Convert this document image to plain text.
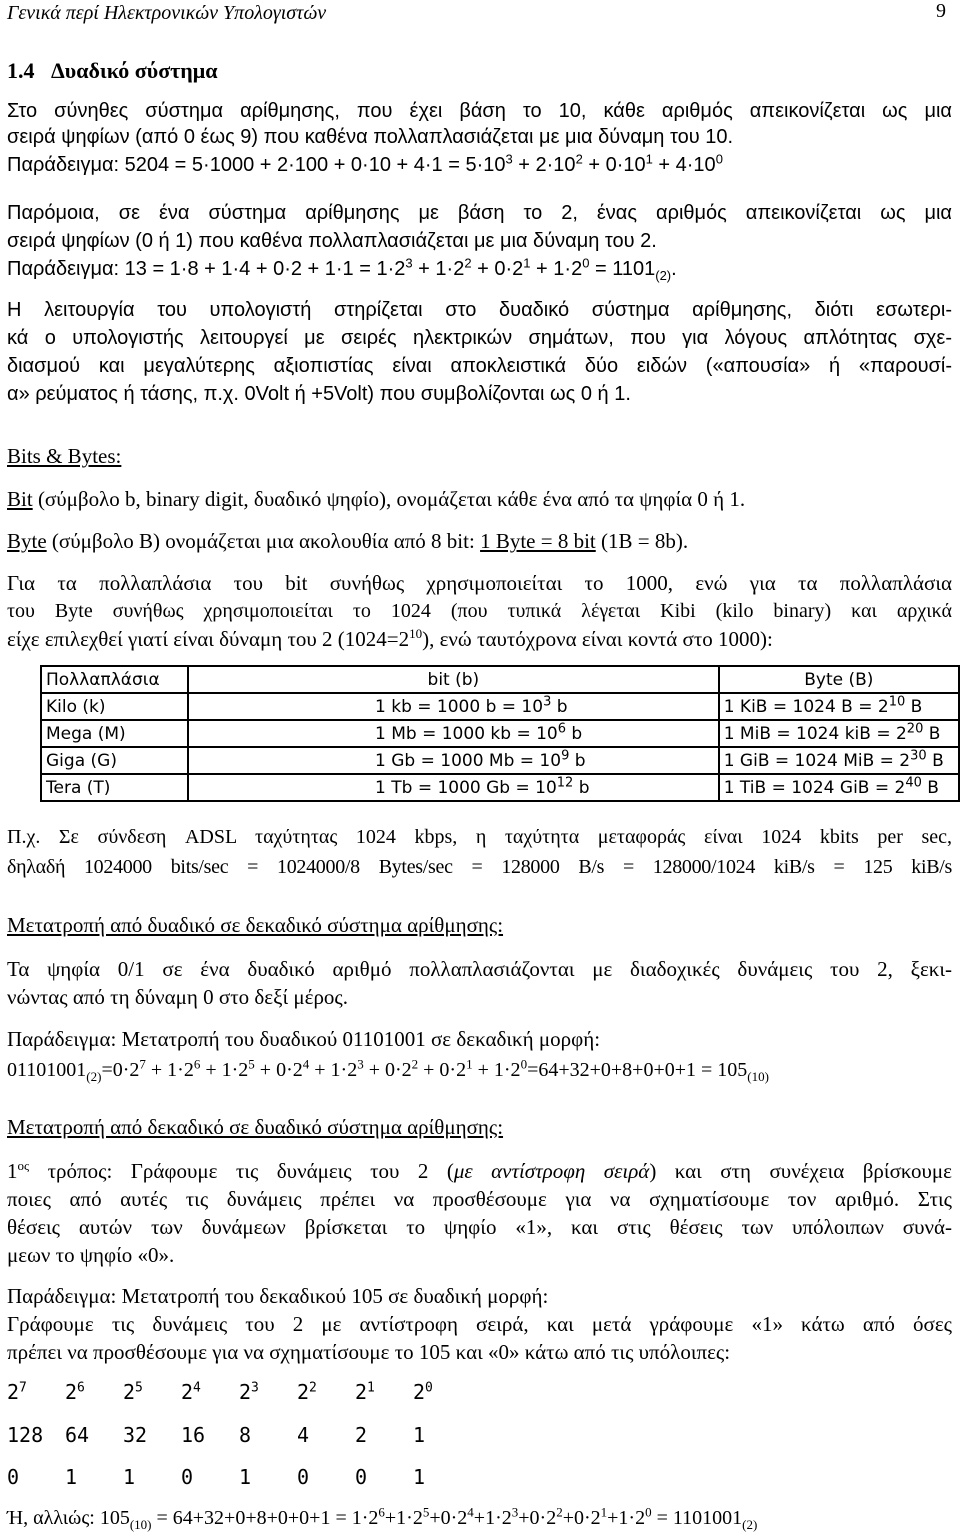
Γενικά περί Ηλεκτρονικών Υπολογιστών	9
1.4 Δυαδικό σύστημα
Στο σύνηθες σύστημα αρίθμησης, που έχει βάση το 10, κάθε αριθμός απεικονίζεται ως μια
σειρά ψηφίων (από 0 έως 9) που καθένα πολλαπλασιάζεται με μια δύναμη του 10.
Παράδειγμα: $5204 = 5\cdot 1000 + 2\cdot 100 + 0\cdot 10 + 4\cdot 1 = 5\cdot 10^3 + 2\cdot 10^2 + 0\cdot 10^1 + 4\cdot 10^0$
Παρόμοια, σε ένα σύστημα αρίθμησης με βάση το 2, ένας αριθμός απεικονίζεται ως μια
σειρά ψηφίων (0 ή 1) που καθένα πολλαπλασιάζεται με μια δύναμη του 2.
Παράδειγμα: $13 = 1\cdot 8 + 1\cdot 4 + 0\cdot 2 + 1\cdot 1 = 1\cdot 2^3 + 1\cdot 2^2 + 0\cdot 2^1 + 1\cdot 2^0 = 1101_{(2)}$.
Η λειτουργία του υπολογιστή στηρίζεται στο δυαδικό σύστημα αρίθμησης, διότι εσωτερι-
κά ο υπολογιστής λειτουργεί με σειρές ηλεκτρικών σημάτων, που για λόγους απλότητας σχε-
διασμού και μεγαλύτερης αξιοπιστίας είναι αποκλειστικά δύο ειδών («απουσία» ή «παρουσί-
α» ρεύματος ή τάσης, π.χ. 0Volt ή +5Volt) που συμβολίζονται ως 0 ή 1.
Bits & Bytes:
Bit (σύμβολο b, binary digit, δυαδικό ψηφίο), ονομάζεται κάθε ένα από τα ψηφία 0 ή 1.
Byte (σύμβολο B) ονομάζεται μια ακολουθία από 8 bit: 1 Byte = 8 bit (1B = 8b).
Για τα πολλαπλάσια του bit συνήθως χρησιμοποιείται το 1000, ενώ για τα πολλαπλάσια
του Byte συνήθως χρησιμοποιείται το 1024 (που τυπικά λέγεται Kibi (kilo binary) και αρχικά
είχε επιλεχθεί γιατί είναι δύναμη του 2 $(1024=2^{10})$, ενώ ταυτόχρονα είναι κοντά στο 1000):
Πολλαπλάσια	bit (b)	Byte (B)
Kilo (k)	1 kb = 1000 $b = 10^3$ b	1 KiB = 1024 $B = 2^{10}$ B
Mega (M)	1 Mb = 1000 kb = $10^6$ b	1 MiB = 1024 kiB = $2^{20}$ B
Giga (G)	1 Gb = 1000 $Mb = 10^9$ b	1 GiB = 1024 MiB = $2^{30}$ B
Tera (T)	1 Tb = 1000 $Gb = 10^{12}$ b	1 TiB = 1024 GiB = $2^{40}$ B
Π.χ. Σε σύνδεση ADSL ταχύτητας 1024 kbps, η ταχύτητα μεταφοράς είναι 1024 kbits per sec,
δηλαδή 1024000 bits/sec = 1024000/8 Bytes/sec = 128000 B/s = 128000/1024 kiB/s = 125 kiB/s
Μετατροπή από δυαδικό σε δεκαδικό σύστημα αρίθμησης:
Τα ψηφία 0/1 σε ένα δυαδικό αριθμό πολλαπλασιάζονται με διαδοχικές δυνάμεις του 2, ξεκι-
νώντας από τη δύναμη 0 στο δεξί μέρος.
Παράδειγμα: Μετατροπή του δυαδικού 01101001 σε δεκαδική μορφή:
$01101001_{(2)}=0\cdot 2^7 + 1\cdot 2^6 + 1\cdot 2^5 + 0\cdot 2^4 + 1\cdot 2^3 + 0\cdot 2^2 + 0\cdot 2^1 + 1\cdot 2^0=64+32+0+8+0+0+1 = 105_{(10)}$
Μετατροπή από δεκαδικό σε δυαδικό σύστημα αρίθμησης:
$1^{o\varsigma}$ τρόπος: Γράφουμε τις δυνάμεις του 2 (με αντίστροφη σειρά) και στη συνέχεια βρίσκουμε
ποιες από αυτές τις δυνάμεις πρέπει να προσθέσουμε για να σχηματίσουμε τον αριθμό. Στις
θέσεις αυτών των δυνάμεων βρίσκεται το ψηφίο «1», και στις θέσεις των υπόλοιπων συνά-
μεων το ψηφίο «0».
Παράδειγμα: Μετατροπή του δεκαδικού 105 σε δυαδική μορφή:
Γράφουμε τις δυνάμεις του 2 με αντίστροφη σειρά, και μετά γράφουμε «1» κάτω από όσες
πρέπει να προσθέσουμε για να σχηματίσουμε το 105 και «0» κάτω από τις υπόλοιπες:
$2^7$ $2^6$ $2^5$ $2^4$ $2^3$ $2^2$ $2^1$ $2^0$
128 64 32 16 8 4 2 1
0 1 1 0 1 0 0 1
Ή, αλλιώς: $105_{(10)} = 64+32+0+8+0+0+1 = 1\cdot 2^6+1\cdot 2^5+0\cdot 2^4+1\cdot 2^3+0\cdot 2^2+0\cdot 2^1+1\cdot 2^0 = 1101001_{(2)}$
